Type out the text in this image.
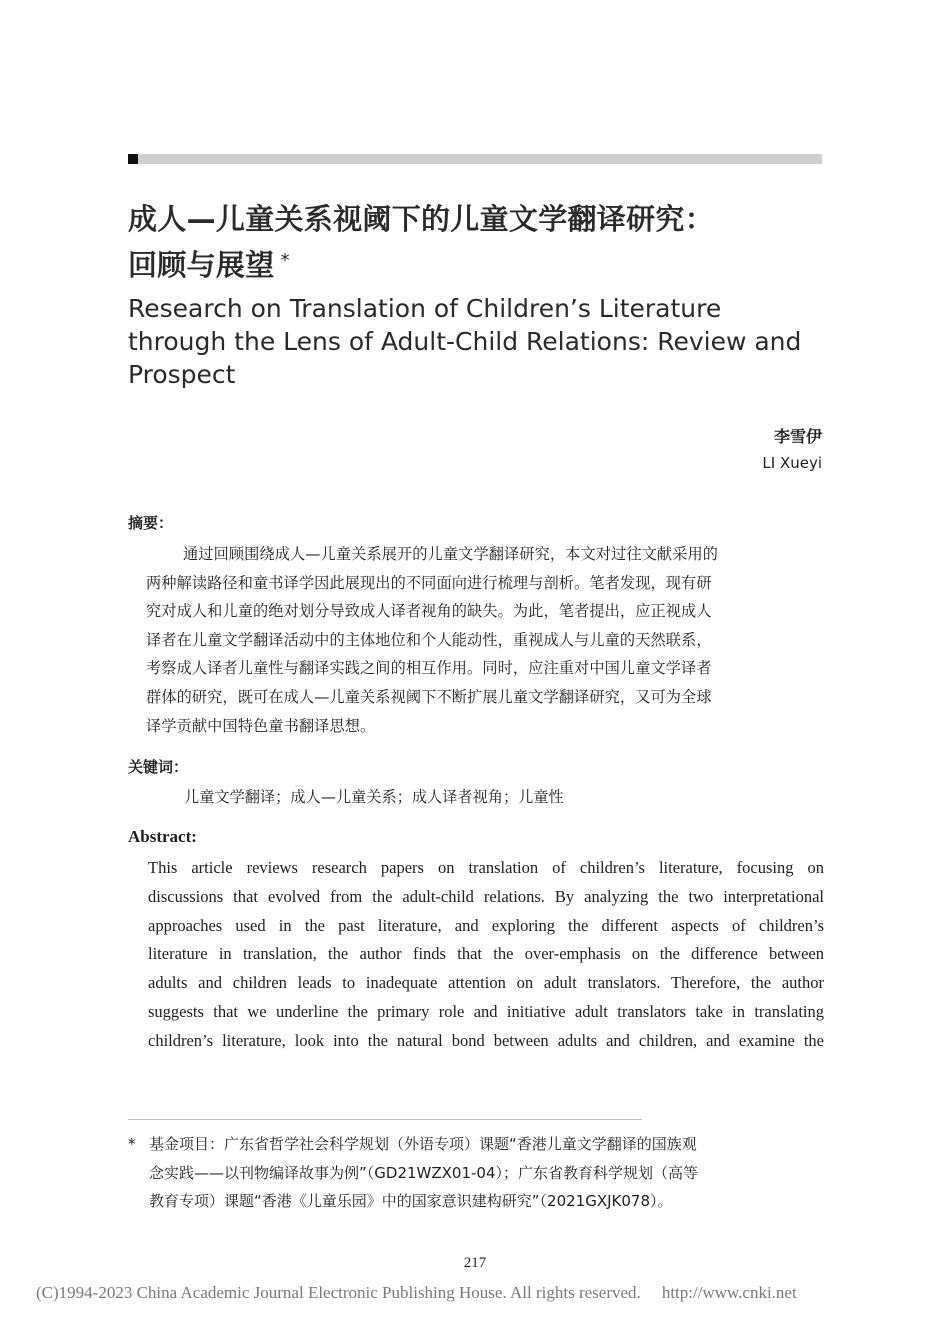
成人—儿童关系视阈下的儿童文学翻译研究：
回顾与展望 *
Research on Translation of Children’s Literature
through the Lens of Adult-Child Relations: Review and
Prospect
李雪伊
LI Xueyi
摘要：
通过回顾围绕成人—儿童关系展开的儿童文学翻译研究，本文对过往文献采用的
两种解读路径和童书译学因此展现出的不同面向进行梳理与剖析。笔者发现，现有研
究对成人和儿童的绝对划分导致成人译者视角的缺失。为此，笔者提出，应正视成人
译者在儿童文学翻译活动中的主体地位和个人能动性，重视成人与儿童的天然联系，
考察成人译者儿童性与翻译实践之间的相互作用。同时，应注重对中国儿童文学译者
群体的研究，既可在成人—儿童关系视阈下不断扩展儿童文学翻译研究，又可为全球
译学贡献中国特色童书翻译思想。
关键词：
儿童文学翻译；成人—儿童关系；成人译者视角；儿童性
Abstract:
This article reviews research papers on translation of children’s literature, focusing on
discussions that evolved from the adult-child relations. By analyzing the two interpretational
approaches used in the past literature, and exploring the different aspects of children’s
literature in translation, the author finds that the over-emphasis on the difference between
adults and children leads to inadequate attention on adult translators. Therefore, the author
suggests that we underline the primary role and initiative adult translators take in translating
children’s literature, look into the natural bond between adults and children, and examine the
* 基金项目：广东省哲学社会科学规划（外语专项）课题“香港儿童文学翻译的国族观
念实践——以刊物编译故事为例”（GD21WZX01-04）；广东省教育科学规划（高等
教育专项）课题“香港《儿童乐园》中的国家意识建构研究”（2021GXJK078）。
217
(C)1994-2023 China Academic Journal Electronic Publishing House. All rights reserved. http://www.cnki.net
